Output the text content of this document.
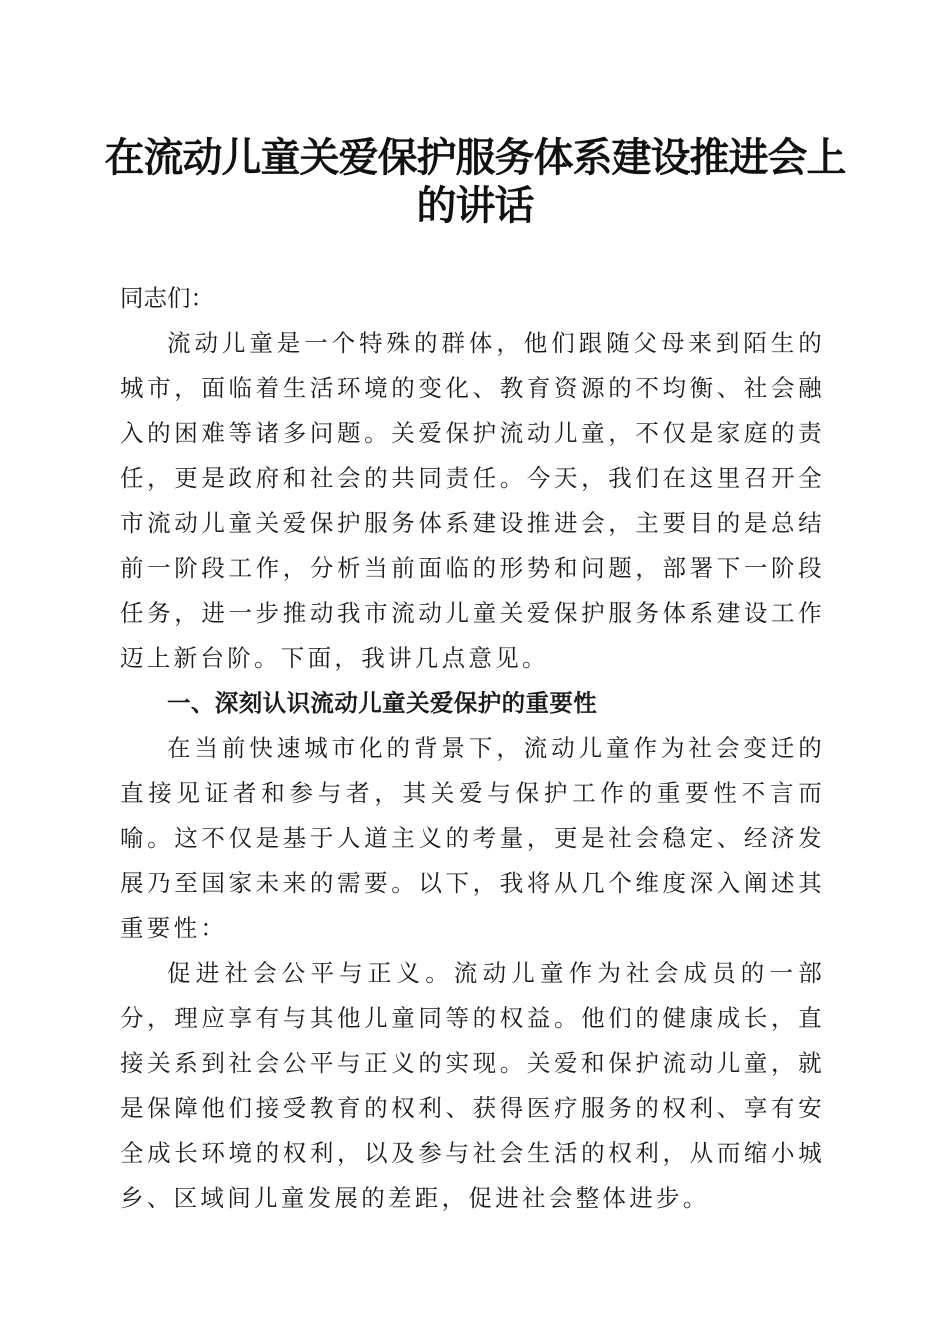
在流动儿童关爱保护服务体系建设推进会上的讲话

同志们：

流动儿童是一个特殊的群体，他们跟随父母来到陌生的城市，面临着生活环境的变化、教育资源的不均衡、社会融入的困难等诸多问题。关爱保护流动儿童，不仅是家庭的责任，更是政府和社会的共同责任。今天，我们在这里召开全市流动儿童关爱保护服务体系建设推进会，主要目的是总结前一阶段工作，分析当前面临的形势和问题，部署下一阶段任务，进一步推动我市流动儿童关爱保护服务体系建设工作迈上新台阶。下面，我讲几点意见。

一、深刻认识流动儿童关爱保护的重要性

在当前快速城市化的背景下，流动儿童作为社会变迁的直接见证者和参与者，其关爱与保护工作的重要性不言而喻。这不仅是基于人道主义的考量，更是社会稳定、经济发展乃至国家未来的需要。以下，我将从几个维度深入阐述其重要性：

促进社会公平与正义。流动儿童作为社会成员的一部分，理应享有与其他儿童同等的权益。他们的健康成长，直接关系到社会公平与正义的实现。关爱和保护流动儿童，就是保障他们接受教育的权利、获得医疗服务的权利、享有安全成长环境的权利，以及参与社会生活的权利，从而缩小城乡、区域间儿童发展的差距，促进社会整体进步。
